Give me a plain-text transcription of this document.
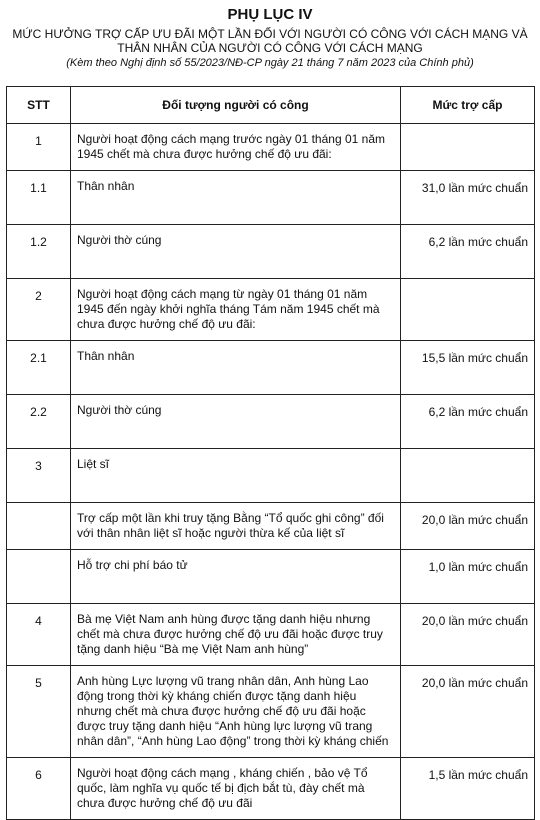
PHỤ LỤC IV
MỨC HƯỞNG TRỢ CẤP ƯU ĐÃI MỘT LẦN ĐỐI VỚI NGƯỜI CÓ CÔNG VỚI CÁCH MẠNG VÀ THÂN NHÂN CỦA NGƯỜI CÓ CÔNG VỚI CÁCH MẠNG
(Kèm theo Nghị định số 55/2023/NĐ-CP ngày 21 tháng 7 năm 2023 của Chính phủ)
STT	Đối tượng người có công	Mức trợ cấp
1	Người hoạt động cách mạng trước ngày 01 tháng 01 năm 1945 chết mà chưa được hưởng chế độ ưu đãi:	
1.1	Thân nhân	31,0 lần mức chuẩn
1.2	Người thờ cúng	6,2 lần mức chuẩn
2	Người hoạt động cách mạng từ ngày 01 tháng 01 năm 1945 đến ngày khởi nghĩa tháng Tám năm 1945 chết mà chưa được hưởng chế độ ưu đãi:	
2.1	Thân nhân	15,5 lần mức chuẩn
2.2	Người thờ cúng	6,2 lần mức chuẩn
3	Liệt sĩ	
	Trợ cấp một lần khi truy tặng Bằng “Tổ quốc ghi công” đối với thân nhân liệt sĩ hoặc người thừa kế của liệt sĩ	20,0 lần mức chuẩn
	Hỗ trợ chi phí báo tử	1,0 lần mức chuẩn
4	Bà mẹ Việt Nam anh hùng được tặng danh hiệu nhưng chết mà chưa được hưởng chế độ ưu đãi hoặc được truy tặng danh hiệu “Bà mẹ Việt Nam anh hùng”	20,0 lần mức chuẩn
5	Anh hùng Lực lượng vũ trang nhân dân, Anh hùng Lao động trong thời kỳ kháng chiến được tặng danh hiệu nhưng chết mà chưa được hưởng chế độ ưu đãi hoặc được truy tặng danh hiệu “Anh hùng lực lượng vũ trang nhân dân”, “Anh hùng Lao động” trong thời kỳ kháng chiến	20,0 lần mức chuẩn
6	Người hoạt động cách mạng , kháng chiến , bảo vệ Tổ quốc, làm nghĩa vụ quốc tế bị địch bắt tù, đày chết mà chưa được hưởng chế độ ưu đãi	1,5 lần mức chuẩn
